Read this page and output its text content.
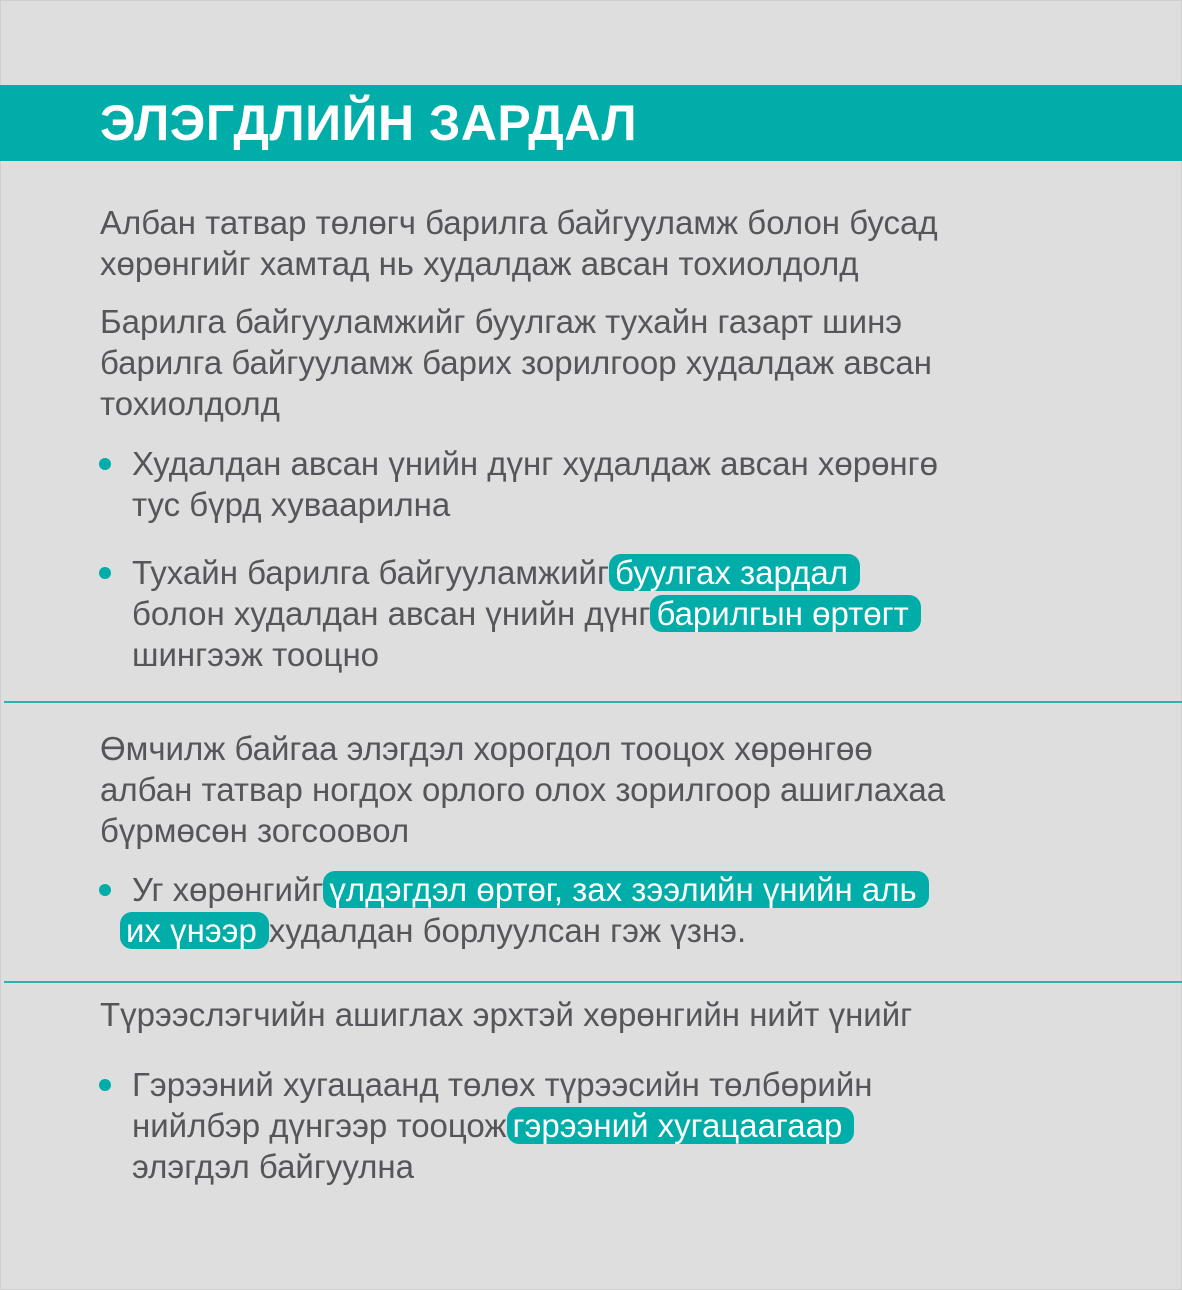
ЭЛЭГДЛИЙН ЗАРДАЛ
Албан татвар төлөгч барилга байгууламж болон бусад
хөрөнгийг хамтад нь худалдаж авсан тохиолдолд
Барилга байгууламжийг буулгаж тухайн газарт шинэ
барилга байгууламж барих зорилгоор худалдаж авсан
тохиолдолд
Худалдан авсан үнийн дүнг худалдаж авсан хөрөнгө
тус бүрд хуваарилна
Тухайн барилга байгууламжийг буулгах зардал
болон худалдан авсан үнийн дүнг барилгын өртөгт
шингээж тооцно
Өмчилж байгаа элэгдэл хорогдол тооцох хөрөнгөө
албан татвар ногдох орлого олох зорилгоор ашиглахаа
бүрмөсөн зогсоовол
Уг хөрөнгийг үлдэгдэл өртөг, зах зээлийн үнийн аль
их үнээр худалдан борлуулсан гэж үзнэ.
Түрээслэгчийн ашиглах эрхтэй хөрөнгийн нийт үнийг
Гэрээний хугацаанд төлөх түрээсийн төлбөрийн
нийлбэр дүнгээр тооцож гэрээний хугацаагаар
элэгдэл байгуулна
